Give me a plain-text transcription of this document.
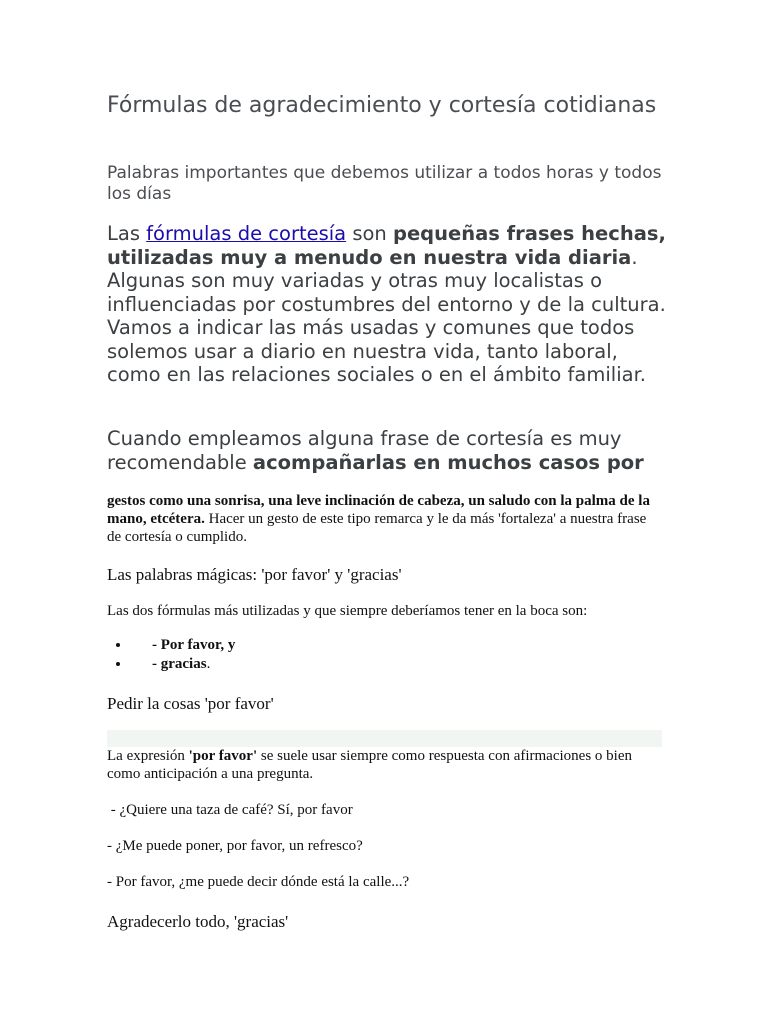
Fórmulas de agradecimiento y cortesía cotidianas
Palabras importantes que debemos utilizar a todos horas y todos los días

Las fórmulas de cortesía son pequeñas frases hechas, utilizadas muy a menudo en nuestra vida diaria. Algunas son muy variadas y otras muy localistas o influenciadas por costumbres del entorno y de la cultura. Vamos a indicar las más usadas y comunes que todos solemos usar a diario en nuestra vida, tanto laboral, como en las relaciones sociales o en el ámbito familiar.

Cuando empleamos alguna frase de cortesía es muy recomendable acompañarlas en muchos casos por

gestos como una sonrisa, una leve inclinación de cabeza, un saludo con la palma de la mano, etcétera. Hacer un gesto de este tipo remarca y le da más 'fortaleza' a nuestra frase de cortesía o cumplido.

Las palabras mágicas: 'por favor' y 'gracias'

Las dos fórmulas más utilizadas y que siempre deberíamos tener en la boca son:

• - Por favor, y
• - gracias.
Pedir la cosas 'por favor'

La expresión 'por favor' se suele usar siempre como respuesta con afirmaciones o bien como anticipación a una pregunta.

- ¿Quiere una taza de café? Sí, por favor

- ¿Me puede poner, por favor, un refresco?

- Por favor, ¿me puede decir dónde está la calle...?

Agradecerlo todo, 'gracias'
